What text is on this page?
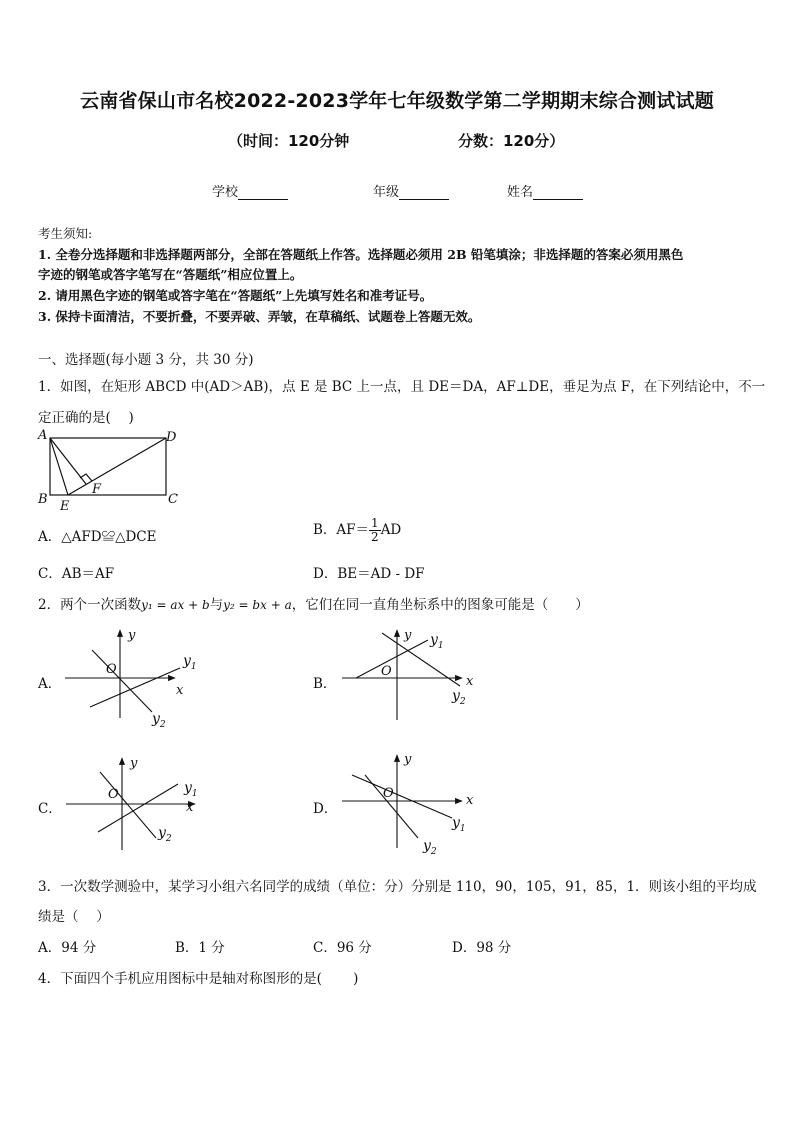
云南省保山市名校2022-2023学年七年级数学第二学期期末综合测试试题
（时间：120分钟	分数：120分）
学校	年级	姓名
考生须知:
1. 全卷分选择题和非选择题两部分，全部在答题纸上作答。选择题必须用 2B 铅笔填涂；非选择题的答案必须用黑色
字迹的钢笔或答字笔写在“答题纸”相应位置上。
2. 请用黑色字迹的钢笔或答字笔在“答题纸”上先填写姓名和准考证号。
3. 保持卡面清洁，不要折叠，不要弄破、弄皱，在草稿纸、试题卷上答题无效。
一、选择题(每小题 3 分，共 30 分)
1．如图，在矩形 ABCD 中(AD＞AB)，点 E 是 BC 上一点，且 DE＝DA，AF⊥DE，垂足为点 F，在下列结论中，不一
定正确的是(　 )
A	D
B	C
E
F
A．△AFD≌△DCE	B．$AF= \frac{1}{2}$ AD
C．AB＝AF	D．BE＝AD - DF
2．两个一次函数y₁ = ax + b与y₂ = bx + a，它们在同一直角坐标系中的图象可能是（　　）
A．	B．
C．	D．
y
O
x
$y_1$
$y_2$
y
O
x
$y_1$
$y_2$
y
O
x
$y_1$
$y_2$
y
O	x
$y_1$
$y_2$
3．一次数学测验中，某学习小组六名同学的成绩（单位：分）分别是 110，90，105，91，85，1．则该小组的平均成
绩是（　 ）
A．94 分	B．1 分	C．96 分	D．98 分
4．下面四个手机应用图标中是轴对称图形的是(　　 )
